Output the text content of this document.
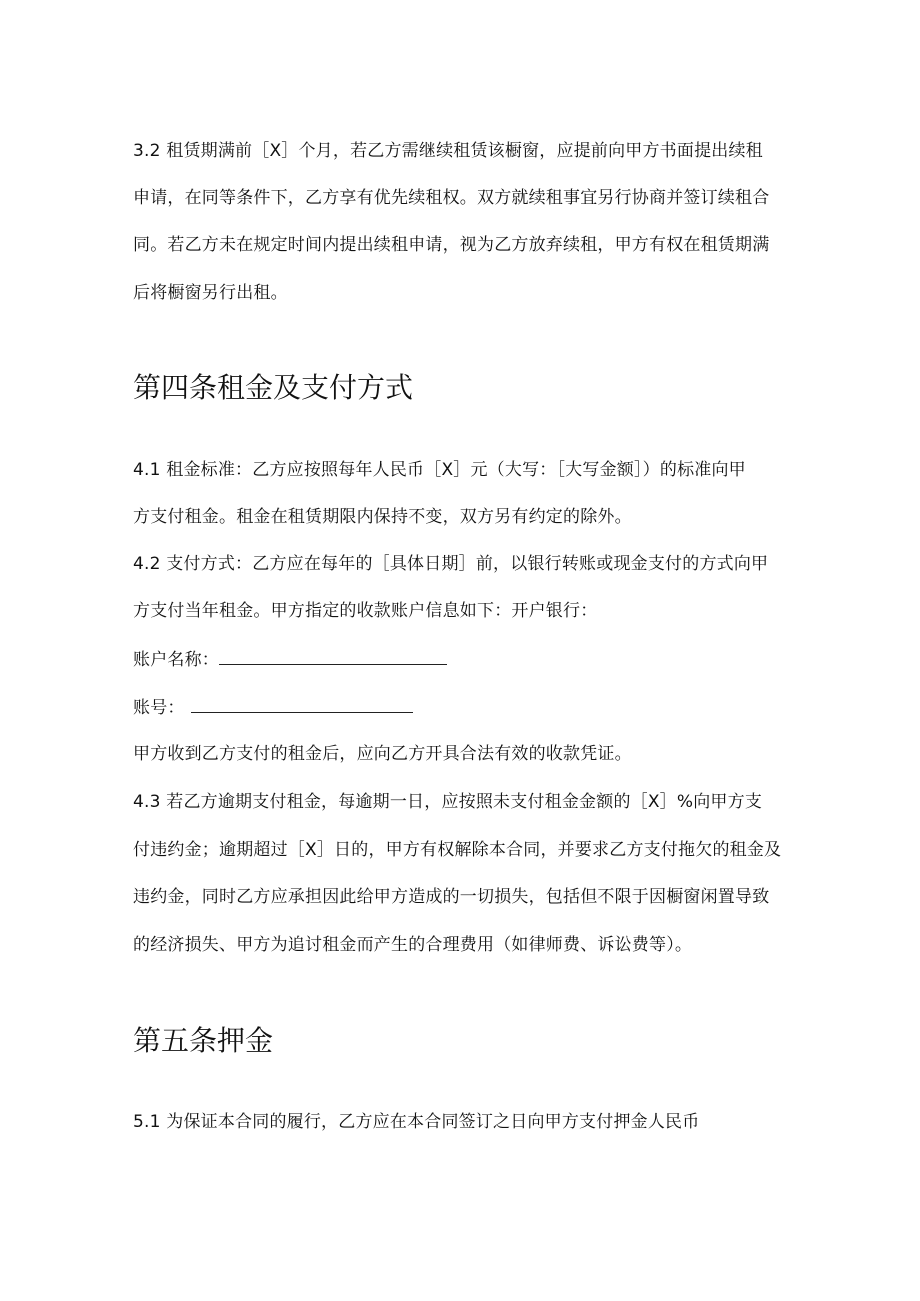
3.2 租赁期满前［X］个月，若乙方需继续租赁该橱窗，应提前向甲方书面提出续租
申请，在同等条件下，乙方享有优先续租权。双方就续租事宜另行协商并签订续租合
同。若乙方未在规定时间内提出续租申请，视为乙方放弃续租，甲方有权在租赁期满
后将橱窗另行出租。
第四条租金及支付方式
4.1 租金标准：乙方应按照每年人民币［X］元（大写：［大写金额］）的标准向甲
方支付租金。租金在租赁期限内保持不变，双方另有约定的除外。
4.2 支付方式：乙方应在每年的［具体日期］前，以银行转账或现金支付的方式向甲
方支付当年租金。甲方指定的收款账户信息如下：开户银行：
账户名称：
账号：
甲方收到乙方支付的租金后，应向乙方开具合法有效的收款凭证。
4.3 若乙方逾期支付租金，每逾期一日，应按照未支付租金金额的［X］%向甲方支
付违约金；逾期超过［X］日的，甲方有权解除本合同，并要求乙方支付拖欠的租金及
违约金，同时乙方应承担因此给甲方造成的一切损失，包括但不限于因橱窗闲置导致
的经济损失、甲方为追讨租金而产生的合理费用（如律师费、诉讼费等）。
第五条押金
5.1 为保证本合同的履行，乙方应在本合同签订之日向甲方支付押金人民币
